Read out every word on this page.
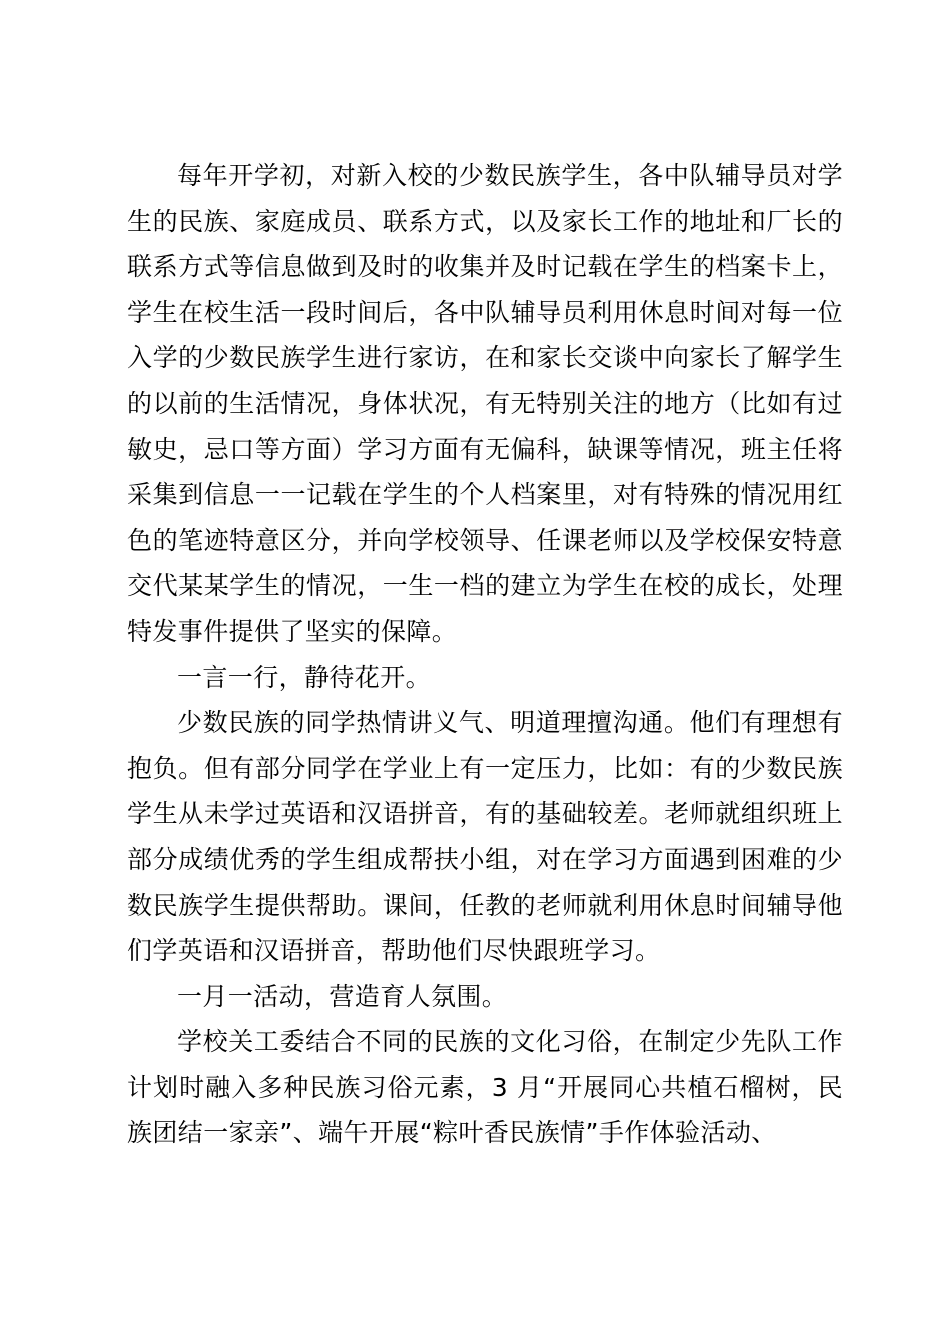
每年开学初，对新入校的少数民族学生，各中队辅导员对学生的民族、家庭成员、联系方式，以及家长工作的地址和厂长的联系方式等信息做到及时的收集并及时记载在学生的档案卡上，学生在校生活一段时间后，各中队辅导员利用休息时间对每一位入学的少数民族学生进行家访，在和家长交谈中向家长了解学生的以前的生活情况，身体状况，有无特别关注的地方（比如有过敏史，忌口等方面）学习方面有无偏科，缺课等情况，班主任将采集到信息一一记载在学生的个人档案里，对有特殊的情况用红色的笔迹特意区分，并向学校领导、任课老师以及学校保安特意交代某某学生的情况，一生一档的建立为学生在校的成长，处理特发事件提供了坚实的保障。

一言一行，静待花开。

少数民族的同学热情讲义气、明道理擅沟通。他们有理想有抱负。但有部分同学在学业上有一定压力，比如：有的少数民族学生从未学过英语和汉语拼音，有的基础较差。老师就组织班上部分成绩优秀的学生组成帮扶小组，对在学习方面遇到困难的少数民族学生提供帮助。课间，任教的老师就利用休息时间辅导他们学英语和汉语拼音，帮助他们尽快跟班学习。

一月一活动，营造育人氛围。

学校关工委结合不同的民族的文化习俗，在制定少先队工作计划时融入多种民族习俗元素，3 月“开展同心共植石榴树，民族团结一家亲”、端午开展“粽叶香民族情”手作体验活动、
